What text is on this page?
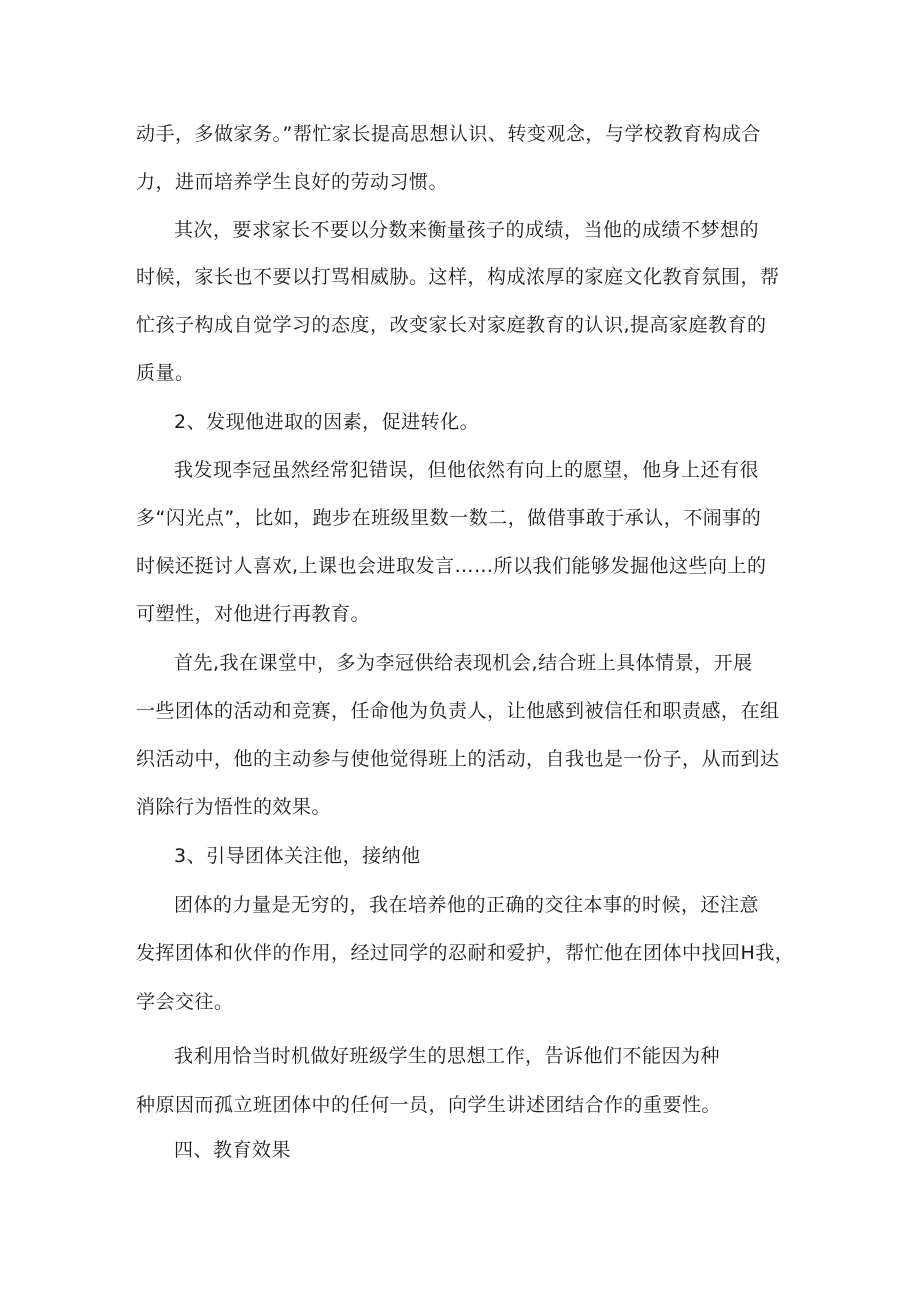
动手，多做家务。”帮忙家长提高思想认识、转变观念，与学校教育构成合
力，进而培养学生良好的劳动习惯。
其次，要求家长不要以分数来衡量孩子的成绩，当他的成绩不梦想的
时候，家长也不要以打骂相威胁。这样，构成浓厚的家庭文化教育氛围，帮
忙孩子构成自觉学习的态度，改变家长对家庭教育的认识,提高家庭教育的
质量。
2、发现他进取的因素，促进转化。
我发现李冠虽然经常犯错误，但他依然有向上的愿望，他身上还有很
多“闪光点”，比如，跑步在班级里数一数二，做借事敢于承认，不闹事的
时候还挺讨人喜欢,上课也会进取发言……所以我们能够发掘他这些向上的
可塑性，对他进行再教育。
首先,我在课堂中，多为李冠供给表现机会,结合班上具体情景，开展
一些团体的活动和竞赛，任命他为负责人，让他感到被信任和职责感，在组
织活动中，他的主动参与使他觉得班上的活动，自我也是一份子，从而到达
消除行为悟性的效果。
3、引导团体关注他，接纳他
团体的力量是无穷的，我在培养他的正确的交往本事的时候，还注意
发挥团体和伙伴的作用，经过同学的忍耐和爱护，帮忙他在团体中找回H我，
学会交往。
我利用恰当时机做好班级学生的思想工作，告诉他们不能因为种
种原因而孤立班团体中的任何一员，向学生讲述团结合作的重要性。
四、教育效果
